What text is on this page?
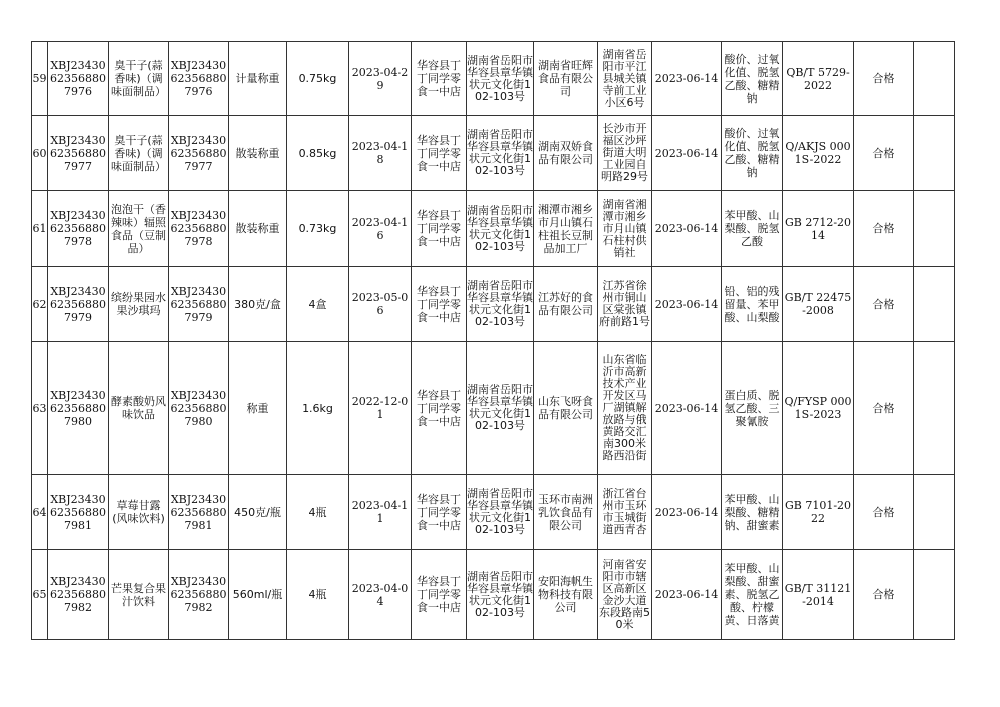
59	XBJ23430623568807976	臭干子(蒜香味)（调味面制品）	XBJ23430623568807976	计量称重	0.75kg	2023-04-29	华容县丁丁同学零食一中店	湖南省岳阳市华容县章华镇状元文化街102-103号	湖南省旺辉食品有限公司	湖南省岳阳市平江县城关镇寺前工业小区6号	2023-06-14	酸价、过氧化值、脱氢乙酸、糖精钠	QB/T 5729-2022	合格	

60	XBJ23430623568807977	臭干子(蒜香味)（调味面制品）	XBJ23430623568807977	散装称重	0.85kg	2023-04-18	华容县丁丁同学零食一中店	湖南省岳阳市华容县章华镇状元文化街102-103号	湖南双娇食品有限公司	长沙市开福区沙坪街道大明工业园自明路29号	2023-06-14	酸价、过氧化值、脱氢乙酸、糖精钠	Q/AKJS 0001S-2022	合格	

61	XBJ23430623568807978	泡泡干（香辣味）辐照食品（豆制品）	XBJ23430623568807978	散装称重	0.73kg	2023-04-16	华容县丁丁同学零食一中店	湖南省岳阳市华容县章华镇状元文化街102-103号	湘潭市湘乡市月山镇石柱祖长豆制品加工厂	湖南省湘潭市湘乡市月山镇石柱村供销社	2023-06-14	苯甲酸、山梨酸、脱氢乙酸	GB 2712-2014	合格	

62	XBJ23430623568807979	缤纷果园水果沙琪玛	XBJ23430623568807979	380克/盒	4盒	2023-05-06	华容县丁丁同学零食一中店	湖南省岳阳市华容县章华镇状元文化街102-103号	江苏好的食品有限公司	江苏省徐州市铜山区棠张镇府前路1号	2023-06-14	铅、铝的残留量、苯甲酸、山梨酸	GB/T 22475-2008	合格	

63	XBJ23430623568807980	酵素酸奶风味饮品	XBJ23430623568807980	称重	1.6kg	2022-12-01	华容县丁丁同学零食一中店	湖南省岳阳市华容县章华镇状元文化街102-103号	山东飞呀食品有限公司	山东省临沂市高新技术产业开发区马厂湖镇解放路与俄黄路交汇南300米路西沿街	2023-06-14	蛋白质、脱氢乙酸、三聚氰胺	Q/FYSP 0001S-2023	合格	

64	XBJ23430623568807981	草莓甘露(风味饮料)	XBJ23430623568807981	450克/瓶	4瓶	2023-04-11	华容县丁丁同学零食一中店	湖南省岳阳市华容县章华镇状元文化街102-103号	玉环市南洲乳饮食品有限公司	浙江省台州市玉环市玉城街道西青杏	2023-06-14	苯甲酸、山梨酸、糖精钠、甜蜜素	GB 7101-2022	合格	

65	XBJ23430623568807982	芒果复合果汁饮料	XBJ23430623568807982	560ml/瓶	4瓶	2023-04-04	华容县丁丁同学零食一中店	湖南省岳阳市华容县章华镇状元文化街102-103号	安阳海帆生物科技有限公司	河南省安阳市市辖区高新区金沙大道东段路南50米	2023-06-14	苯甲酸、山梨酸、甜蜜素、脱氢乙酸、柠檬黄、日落黄	GB/T 31121-2014	合格	
